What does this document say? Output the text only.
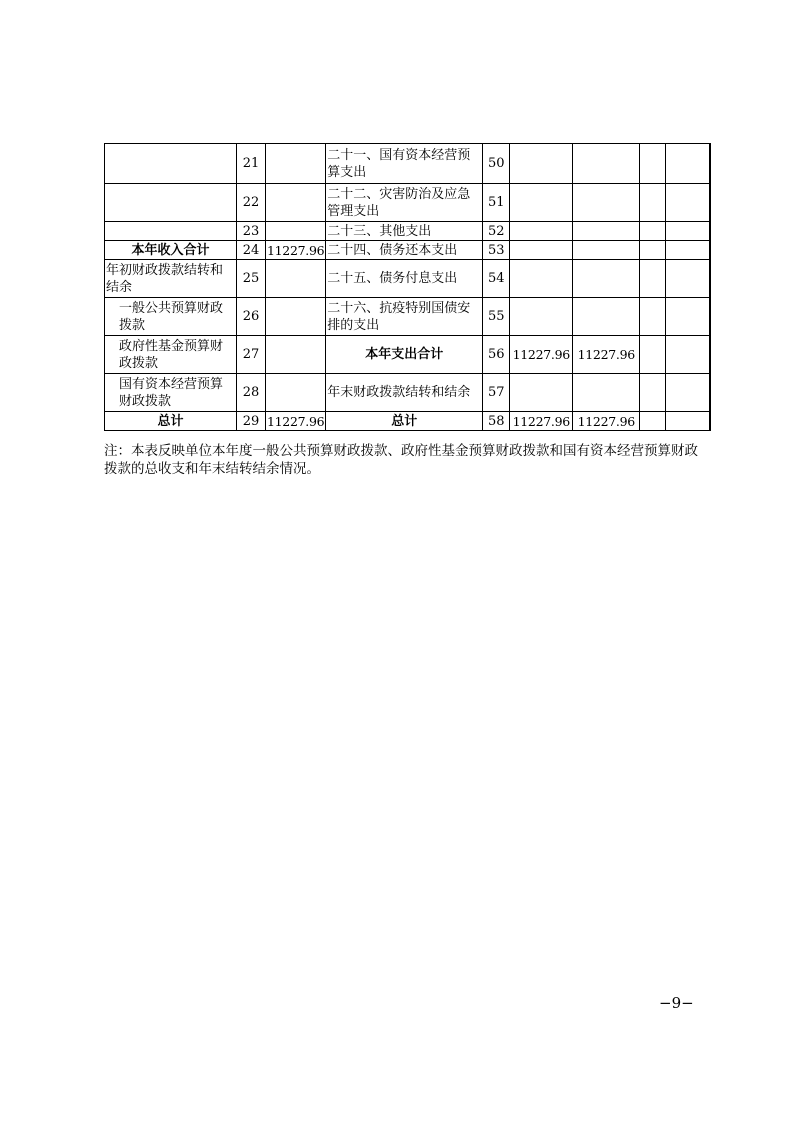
	21		二十一、国有资本经营预算支出	50				
	22		二十二、灾害防治及应急管理支出	51				
	23		二十三、其他支出	52				
本年收入合计	24	11227.96	二十四、债务还本支出	53				
年初财政拨款结转和结余	25		二十五、债务付息支出	54				
一般公共预算财政拨款	26		二十六、抗疫特别国债安排的支出	55				
政府性基金预算财政拨款	27		本年支出合计	56	11227.96	11227.96		
国有资本经营预算财政拨款	28		年末财政拨款结转和结余	57				
总计	29	11227.96	总计	58	11227.96	11227.96		

注：本表反映单位本年度一般公共预算财政拨款、政府性基金预算财政拨款和国有资本经营预算财政拨款的总收支和年末结转结余情况。

−9−
